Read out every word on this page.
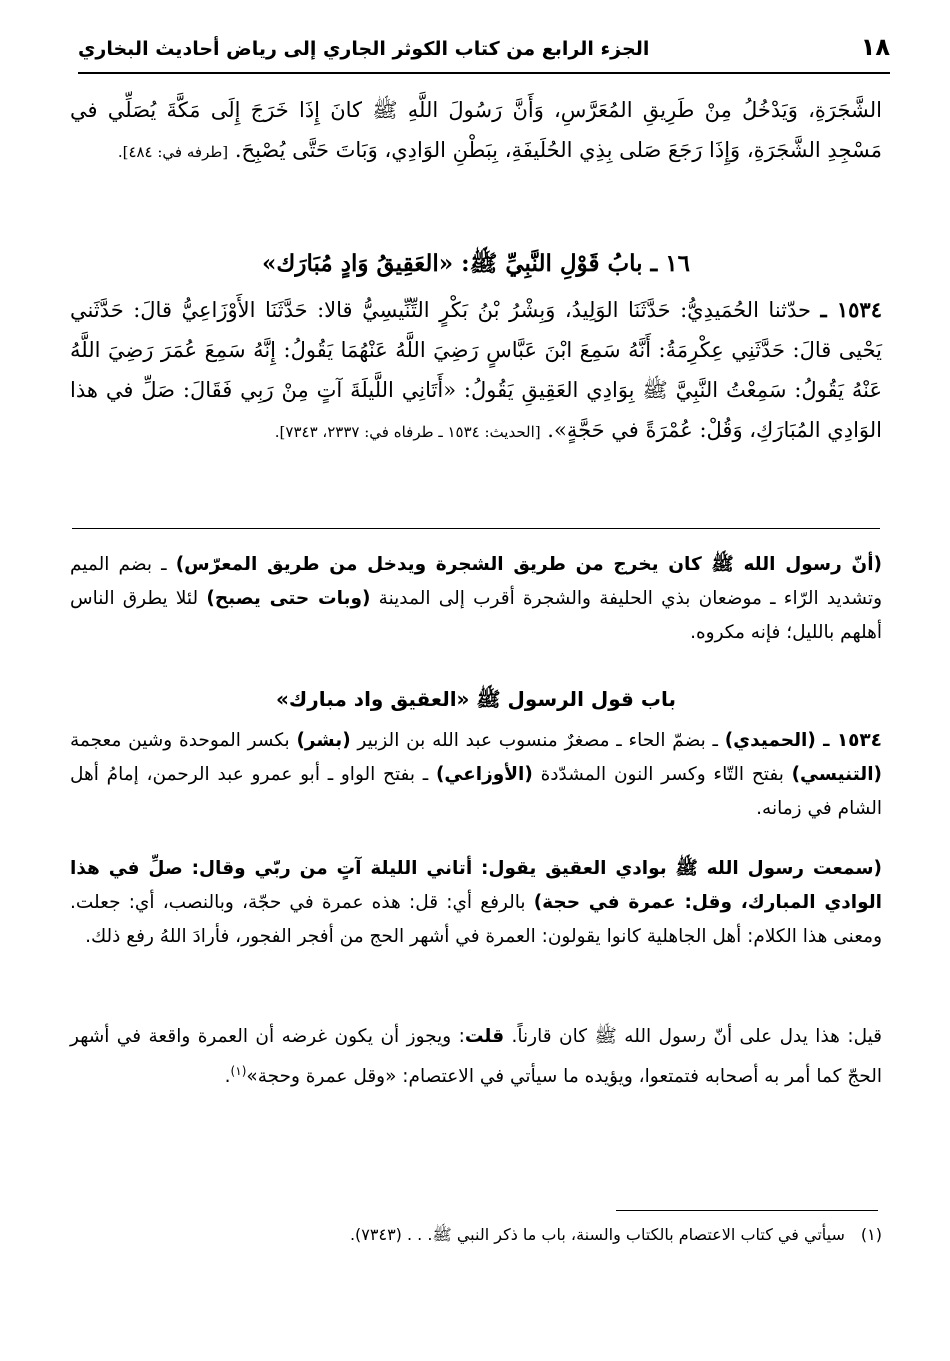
١٨
الجزء الرابع من كتاب الكوثر الجاري إلى رياض أحاديث البخاري
الشَّجَرَةِ، وَيَدْخُلُ مِنْ طَرِيقِ المُعَرَّسِ، وَأَنَّ رَسُولَ اللَّهِ ﷺ كانَ إِذَا خَرَجَ إِلَى مَكَّةَ يُصَلِّي في مَسْجِدِ الشَّجَرَةِ، وَإِذَا رَجَعَ صَلى بِذِي الحُلَيفَةِ، بِبَطْنِ الوَادِي، وَبَاتَ حَتَّى يُصْبِحَ. [طرفه في: ٤٨٤].
١٦ ـ بابُ قَوْلِ النَّبِيِّ ﷺ: «العَقِيقُ وَادٍ مُبَارَك»
١٥٣٤ ـ حدّثنا الحُمَيدِيُّ: حَدَّثَنَا الوَلِيدُ، وَبِشْرُ بْنُ بَكْرٍ التِّنِّيسِيُّ قالا: حَدَّثَنَا الأَوْزَاعِيُّ قالَ: حَدَّثَني يَحْيى قالَ: حَدَّثَنِي عِكْرِمَةُ: أَنَّهُ سَمِعَ ابْنَ عَبَّاسٍ رَضِيَ اللَّهُ عَنْهُمَا يَقُولُ: إِنَّهُ سَمِعَ عُمَرَ رَضِيَ اللَّهُ عَنْهُ يَقُولُ: سَمِعْتُ النَّبِيَّ ﷺ بِوَادِي العَقِيقِ يَقُولُ: «أَتَانِي اللَّيلَةَ آتٍ مِنْ رَبِي فَقَالَ: صَلِّ في هذا الوَادِي المُبَارَكِ، وَقُلْ: عُمْرَةً في حَجَّةٍ». [الحديث: ١٥٣٤ ـ طرفاه في: ٢٣٣٧، ٧٣٤٣].
(أنّ رسول الله ﷺ كان يخرج من طريق الشجرة ويدخل من طريق المعرّس) ـ بضم الميم وتشديد الرّاء ـ موضعان بذي الحليفة والشجرة أقرب إلى المدينة (وبات حتى يصبح) لئلا يطرق الناس أهلهم بالليل؛ فإنه مكروه.
باب قول الرسول ﷺ «العقيق واد مبارك»
١٥٣٤ ـ (الحميدي) ـ بضمّ الحاء ـ مصغرٌ منسوب عبد الله بن الزبير (بشر) بكسر الموحدة وشين معجمة (التنيسي) بفتح التّاء وكسر النون المشدّدة (الأوزاعي) ـ بفتح الواو ـ أبو عمرو عبد الرحمن، إمامُ أهل الشام في زمانه.
(سمعت رسول الله ﷺ بوادي العقيق يقول: أتاني الليلة آتٍ من ربّي وقال: صلِّ في هذا الوادي المبارك، وقل: عمرة في حجة) بالرفع أي: قل: هذه عمرة في حجّة، وبالنصب، أي: جعلت. ومعنى هذا الكلام: أهل الجاهلية كانوا يقولون: العمرة في أشهر الحج من أفجر الفجور، فأرادَ اللهُ رفع ذلك.
قيل: هذا يدل على أنّ رسول الله ﷺ كان قارناً. قلت: ويجوز أن يكون غرضه أن العمرة واقعة في أشهر الحجّ كما أمر به أصحابه فتمتعوا، ويؤيده ما سيأتي في الاعتصام: «وقل عمرة وحجة»$^{(١)}$.
(١)سيأتي في كتاب الاعتصام بالكتاب والسنة، باب ما ذكر النبي ﷺ. . . (٧٣٤٣).
